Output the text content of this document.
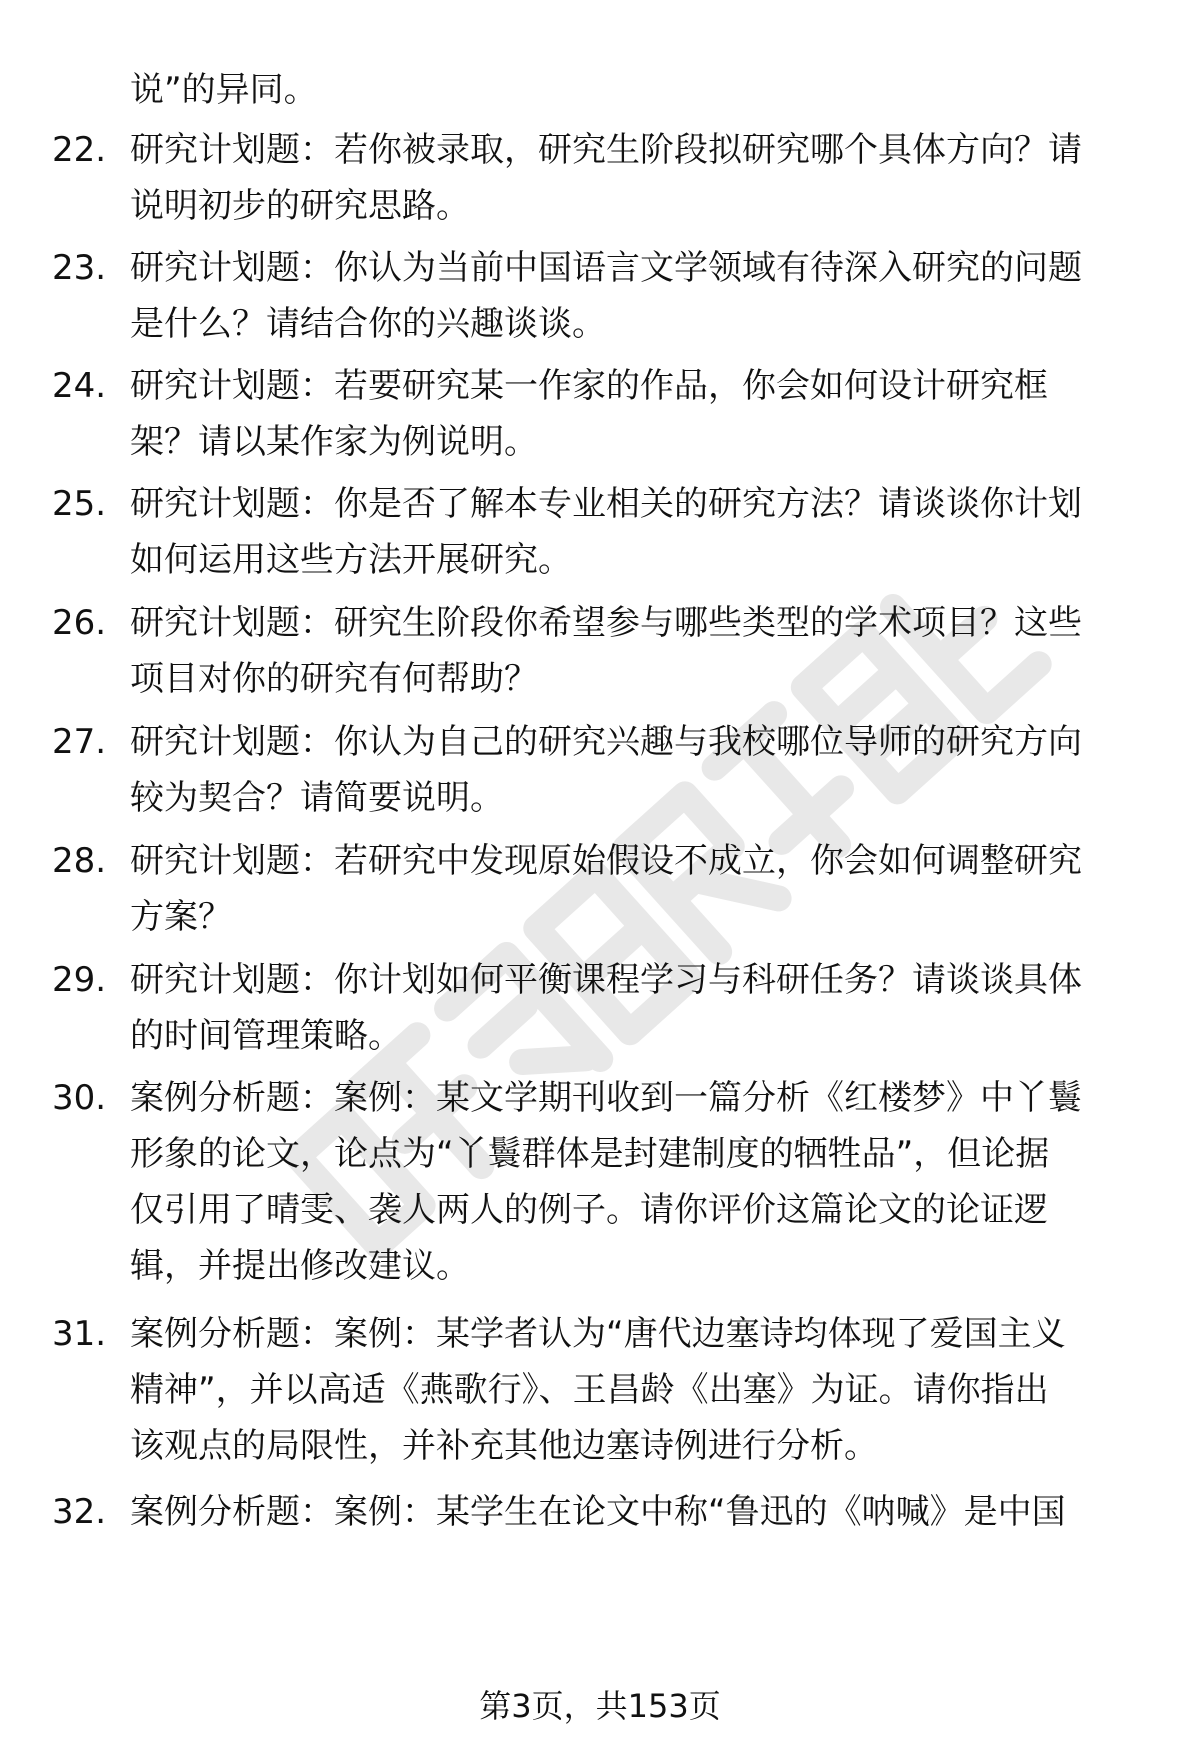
说”的异同。
22. 研究计划题：若你被录取，研究生阶段拟研究哪个具体方向？请
说明初步的研究思路。
23. 研究计划题：你认为当前中国语言文学领域有待深入研究的问题
是什么？请结合你的兴趣谈谈。
24. 研究计划题：若要研究某一作家的作品，你会如何设计研究框
架？请以某作家为例说明。
25. 研究计划题：你是否了解本专业相关的研究方法？请谈谈你计划
如何运用这些方法开展研究。
26. 研究计划题：研究生阶段你希望参与哪些类型的学术项目？这些
项目对你的研究有何帮助？
27. 研究计划题：你认为自己的研究兴趣与我校哪位导师的研究方向
较为契合？请简要说明。
28. 研究计划题：若研究中发现原始假设不成立，你会如何调整研究
方案？
29. 研究计划题：你计划如何平衡课程学习与科研任务？请谈谈具体
的时间管理策略。
30. 案例分析题：案例：某文学期刊收到一篇分析《红楼梦》中丫鬟
形象的论文，论点为“丫鬟群体是封建制度的牺牲品”，但论据
仅引用了晴雯、袭人两人的例子。请你评价这篇论文的论证逻
辑，并提出修改建议。
31. 案例分析题：案例：某学者认为“唐代边塞诗均体现了爱国主义
精神”，并以高适《燕歌行》、王昌龄《出塞》为证。请你指出
该观点的局限性，并补充其他边塞诗例进行分析。
32. 案例分析题：案例：某学生在论文中称“鲁迅的《呐喊》是中国
第3页，共153页
